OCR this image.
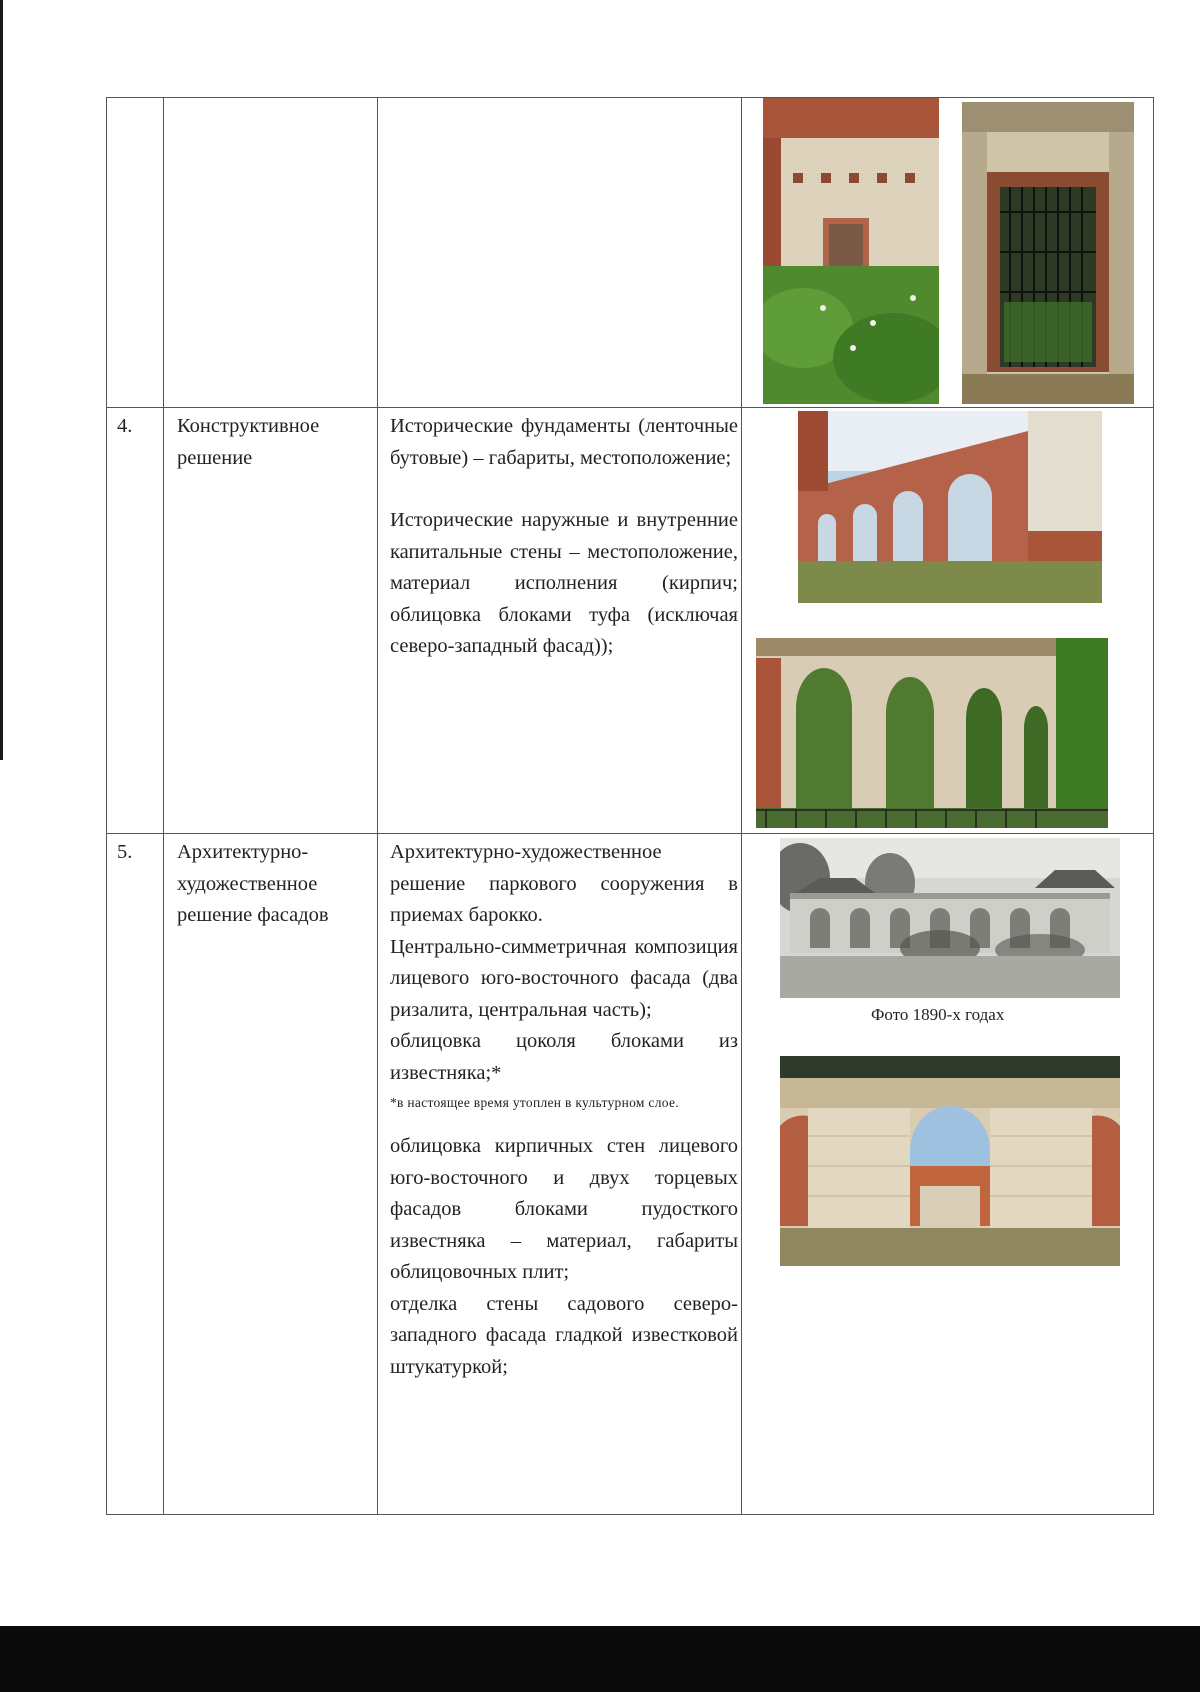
4. Конструктивное
решение

Исторические фундаменты (ленточные бутовые) – габариты, местоположение;

Исторические наружные и внутренние капитальные стены – местоположение, материал исполнения (кирпич; облицовка блоками туфа (исключая северо-западный фасад));

5. Архитектурно-
художественное
решение фасадов

Архитектурно-художественное решение паркового сооружения в приемах барокко.

Центрально-симметричная композиция лицевого юго-восточного фасада (два ризалита, центральная часть);

облицовка цоколя блоками из известняка;*

*в настоящее время утоплен в культурном слое.

облицовка кирпичных стен лицевого юго-восточного и двух торцевых фасадов блоками пудосткого известняка – материал, габариты облицовочных плит;

отделка стены садового северо-западного фасада гладкой известковой штукатуркой;

Фото 1890-х годах
